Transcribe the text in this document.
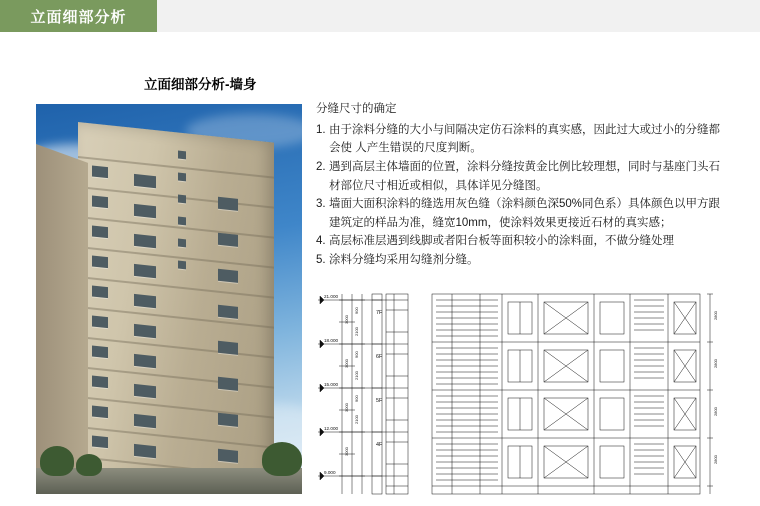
立面细部分析
立面细部分析-墙身
分缝尺寸的确定
1. 由于涂料分缝的大小与间隔决定仿石涂料的真实感，因此过大或过小的分缝都会使 人产生错误的尺度判断。
2. 遇到高层主体墙面的位置，涂料分缝按黄金比例比较理想，同时与基座门头石材部位尺寸相近或相似，具体详见分缝图。
3. 墙面大面积涂料的缝选用灰色缝（涂料颜色深50%同色系）具体颜色以甲方跟建筑定的样品为准，缝宽10mm，使涂料效果更接近石材的真实感；
4. 高层标准层遇到线脚或者阳台板等面积较小的涂料面，不做分缝处理
5. 涂料分缝均采用勾缝剂分缝。
21.000
18.000
15.000
12.000
9.000
7F
6F
5F
4F
3000
900
2100
3000
900
2100
3000
900
2100
3000
2800
2800
2800
2800
